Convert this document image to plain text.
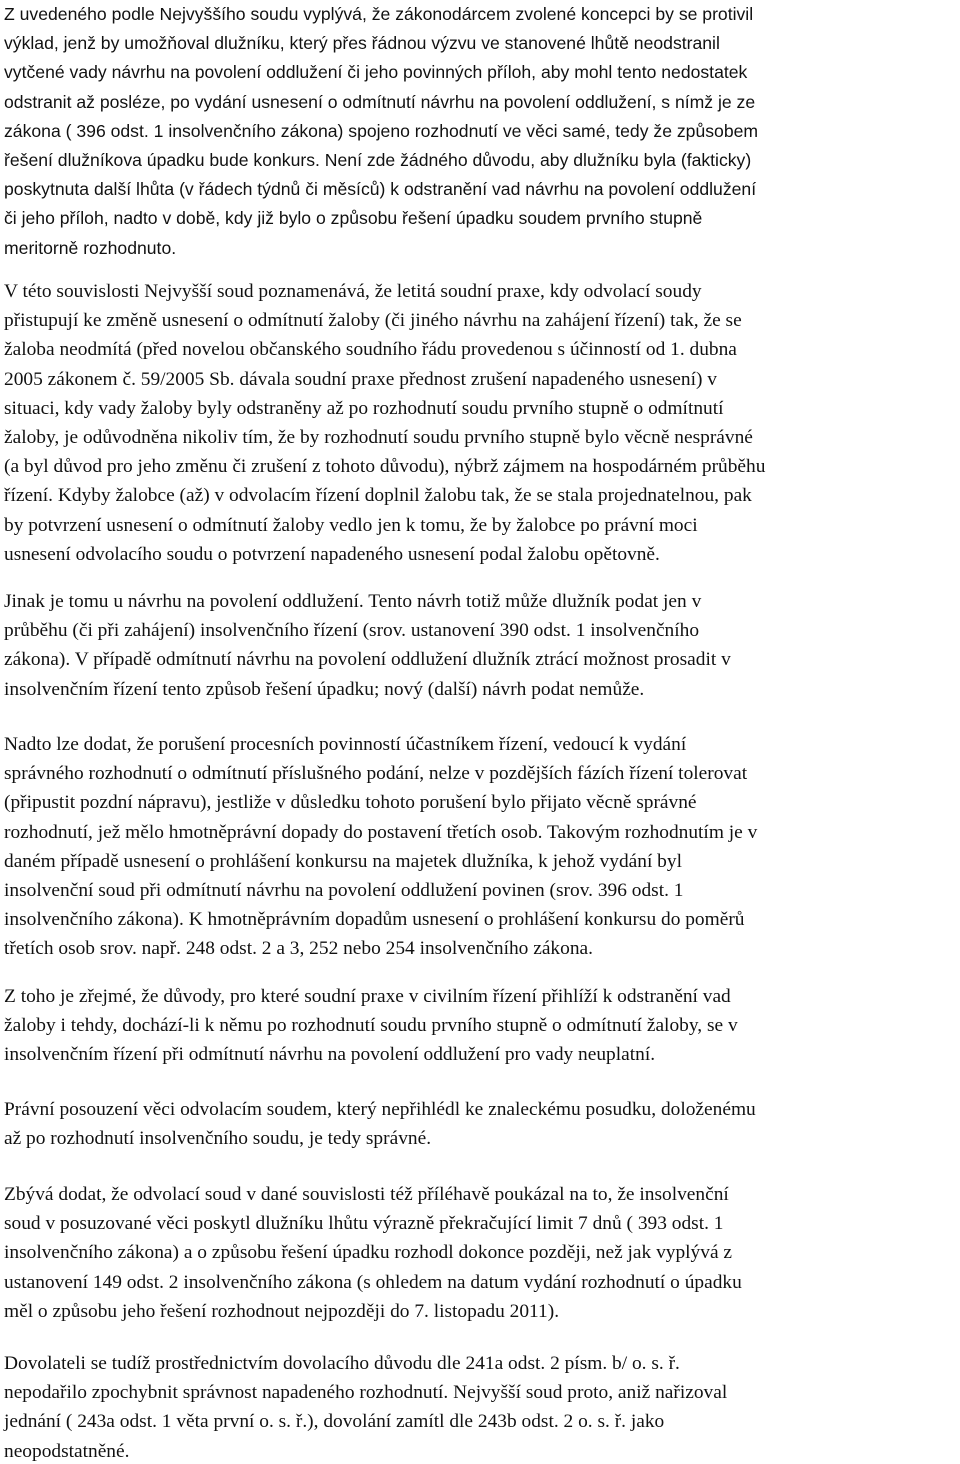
Z uvedeného podle Nejvyššího soudu vyplývá, že zákonodárcem zvolené koncepci by se protivil
výklad, jenž by umožňoval dlužníku, který přes řádnou výzvu ve stanovené lhůtě neodstranil
vytčené vady návrhu na povolení oddlužení či jeho povinných příloh, aby mohl tento nedostatek
odstranit až posléze, po vydání usnesení o odmítnutí návrhu na povolení oddlužení, s nímž je ze
zákona ( 396 odst. 1 insolvenčního zákona) spojeno rozhodnutí ve věci samé, tedy že způsobem
řešení dlužníkova úpadku bude konkurs. Není zde žádného důvodu, aby dlužníku byla (fakticky)
poskytnuta další lhůta (v řádech týdnů či měsíců) k odstranění vad návrhu na povolení oddlužení
či jeho příloh, nadto v době, kdy již bylo o způsobu řešení úpadku soudem prvního stupně
meritorně rozhodnuto.
V této souvislosti Nejvyšší soud poznamenává, že letitá soudní praxe, kdy odvolací soudy
přistupují ke změně usnesení o odmítnutí žaloby (či jiného návrhu na zahájení řízení) tak, že se
žaloba neodmítá (před novelou občanského soudního řádu provedenou s účinností od 1. dubna
2005 zákonem č. 59/2005 Sb. dávala soudní praxe přednost zrušení napadeného usnesení) v
situaci, kdy vady žaloby byly odstraněny až po rozhodnutí soudu prvního stupně o odmítnutí
žaloby, je odůvodněna nikoliv tím, že by rozhodnutí soudu prvního stupně bylo věcně nesprávné
(a byl důvod pro jeho změnu či zrušení z tohoto důvodu), nýbrž zájmem na hospodárném průběhu
řízení. Kdyby žalobce (až) v odvolacím řízení doplnil žalobu tak, že se stala projednatelnou, pak
by potvrzení usnesení o odmítnutí žaloby vedlo jen k tomu, že by žalobce po právní moci
usnesení odvolacího soudu o potvrzení napadeného usnesení podal žalobu opětovně.
Jinak je tomu u návrhu na povolení oddlužení. Tento návrh totiž může dlužník podat jen v
průběhu (či při zahájení) insolvenčního řízení (srov. ustanovení 390 odst. 1 insolvenčního
zákona). V případě odmítnutí návrhu na povolení oddlužení dlužník ztrácí možnost prosadit v
insolvenčním řízení tento způsob řešení úpadku; nový (další) návrh podat nemůže.
Nadto lze dodat, že porušení procesních povinností účastníkem řízení, vedoucí k vydání
správného rozhodnutí o odmítnutí příslušného podání, nelze v pozdějších fázích řízení tolerovat
(připustit pozdní nápravu), jestliže v důsledku tohoto porušení bylo přijato věcně správné
rozhodnutí, jež mělo hmotněprávní dopady do postavení třetích osob. Takovým rozhodnutím je v
daném případě usnesení o prohlášení konkursu na majetek dlužníka, k jehož vydání byl
insolvenční soud při odmítnutí návrhu na povolení oddlužení povinen (srov. 396 odst. 1
insolvenčního zákona). K hmotněprávním dopadům usnesení o prohlášení konkursu do poměrů
třetích osob srov. např. 248 odst. 2 a 3, 252 nebo 254 insolvenčního zákona.
Z toho je zřejmé, že důvody, pro které soudní praxe v civilním řízení přihlíží k odstranění vad
žaloby i tehdy, dochází-li k němu po rozhodnutí soudu prvního stupně o odmítnutí žaloby, se v
insolvenčním řízení při odmítnutí návrhu na povolení oddlužení pro vady neuplatní.
Právní posouzení věci odvolacím soudem, který nepřihlédl ke znaleckému posudku, doloženému
až po rozhodnutí insolvenčního soudu, je tedy správné.
Zbývá dodat, že odvolací soud v dané souvislosti též příléhavě poukázal na to, že insolvenční
soud v posuzované věci poskytl dlužníku lhůtu výrazně překračující limit 7 dnů ( 393 odst. 1
insolvenčního zákona) a o způsobu řešení úpadku rozhodl dokonce později, než jak vyplývá z
ustanovení 149 odst. 2 insolvenčního zákona (s ohledem na datum vydání rozhodnutí o úpadku
měl o způsobu jeho řešení rozhodnout nejpozději do 7. listopadu 2011).
Dovolateli se tudíž prostřednictvím dovolacího důvodu dle 241a odst. 2 písm. b/ o. s. ř.
nepodařilo zpochybnit správnost napadeného rozhodnutí. Nejvyšší soud proto, aniž nařizoval
jednání ( 243a odst. 1 věta první o. s. ř.), dovolání zamítl dle 243b odst. 2 o. s. ř. jako
neopodstatněné.
